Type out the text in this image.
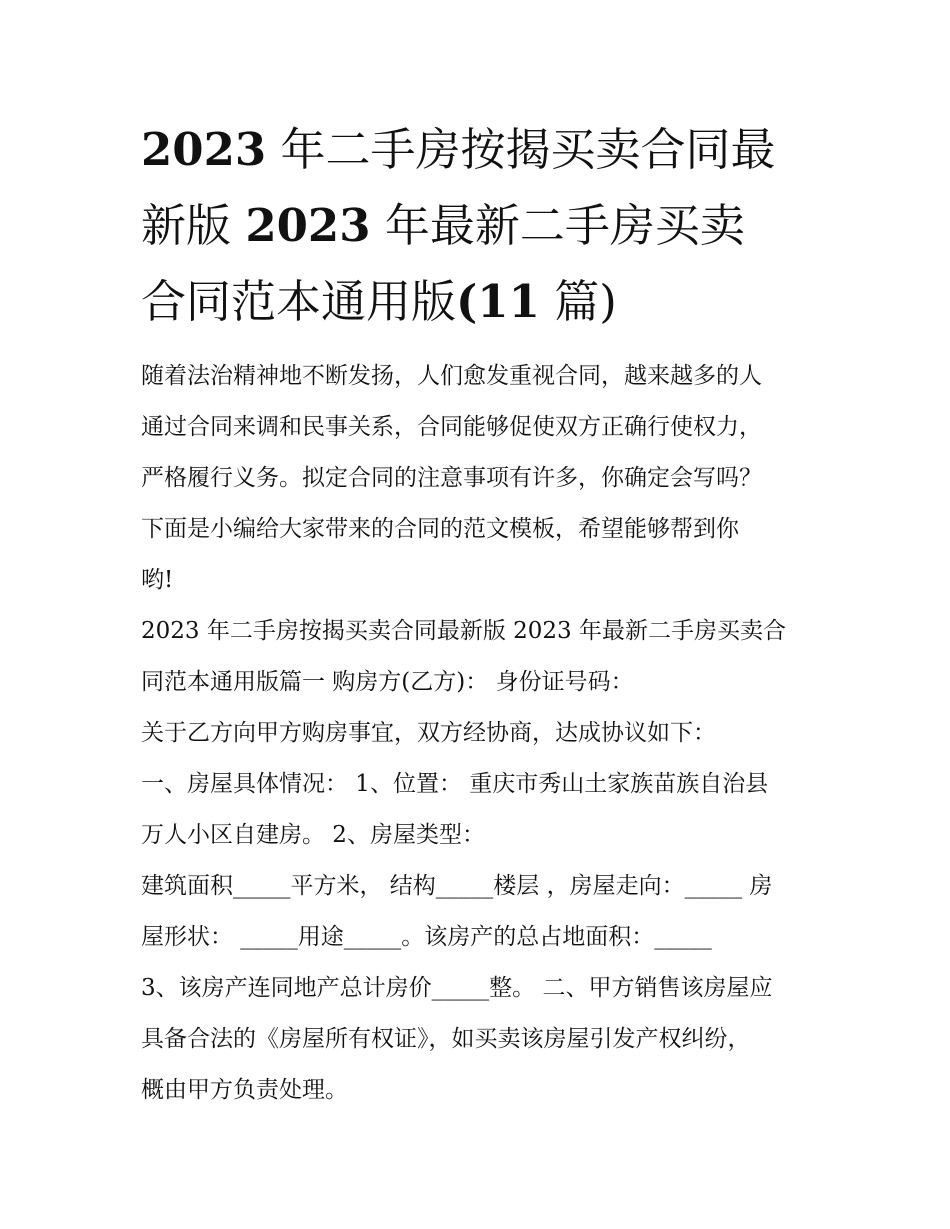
2023 年二手房按揭买卖合同最
新版 2023 年最新二手房买卖
合同范本通用版(11 篇)
随着法治精神地不断发扬，人们愈发重视合同，越来越多的人
通过合同来调和民事关系，合同能够促使双方正确行使权力，
严格履行义务。拟定合同的注意事项有许多，你确定会写吗？
下面是小编给大家带来的合同的范文模板，希望能够帮到你
哟!
2023 年二手房按揭买卖合同最新版 2023 年最新二手房买卖合
同范本通用版篇一 购房方(乙方)： 身份证号码：
关于乙方向甲方购房事宜，双方经协商，达成协议如下：
一、房屋具体情况： 1、位置： 重庆市秀山土家族苗族自治县
万人小区自建房。 2、房屋类型：
建筑面积_____平方米， 结构_____楼层 ，房屋走向：_____ 房
屋形状： _____用途_____。该房产的总占地面积：_____
3、该房产连同地产总计房价_____整。 二、甲方销售该房屋应
具备合法的《房屋所有权证》，如买卖该房屋引发产权纠纷，
概由甲方负责处理。
